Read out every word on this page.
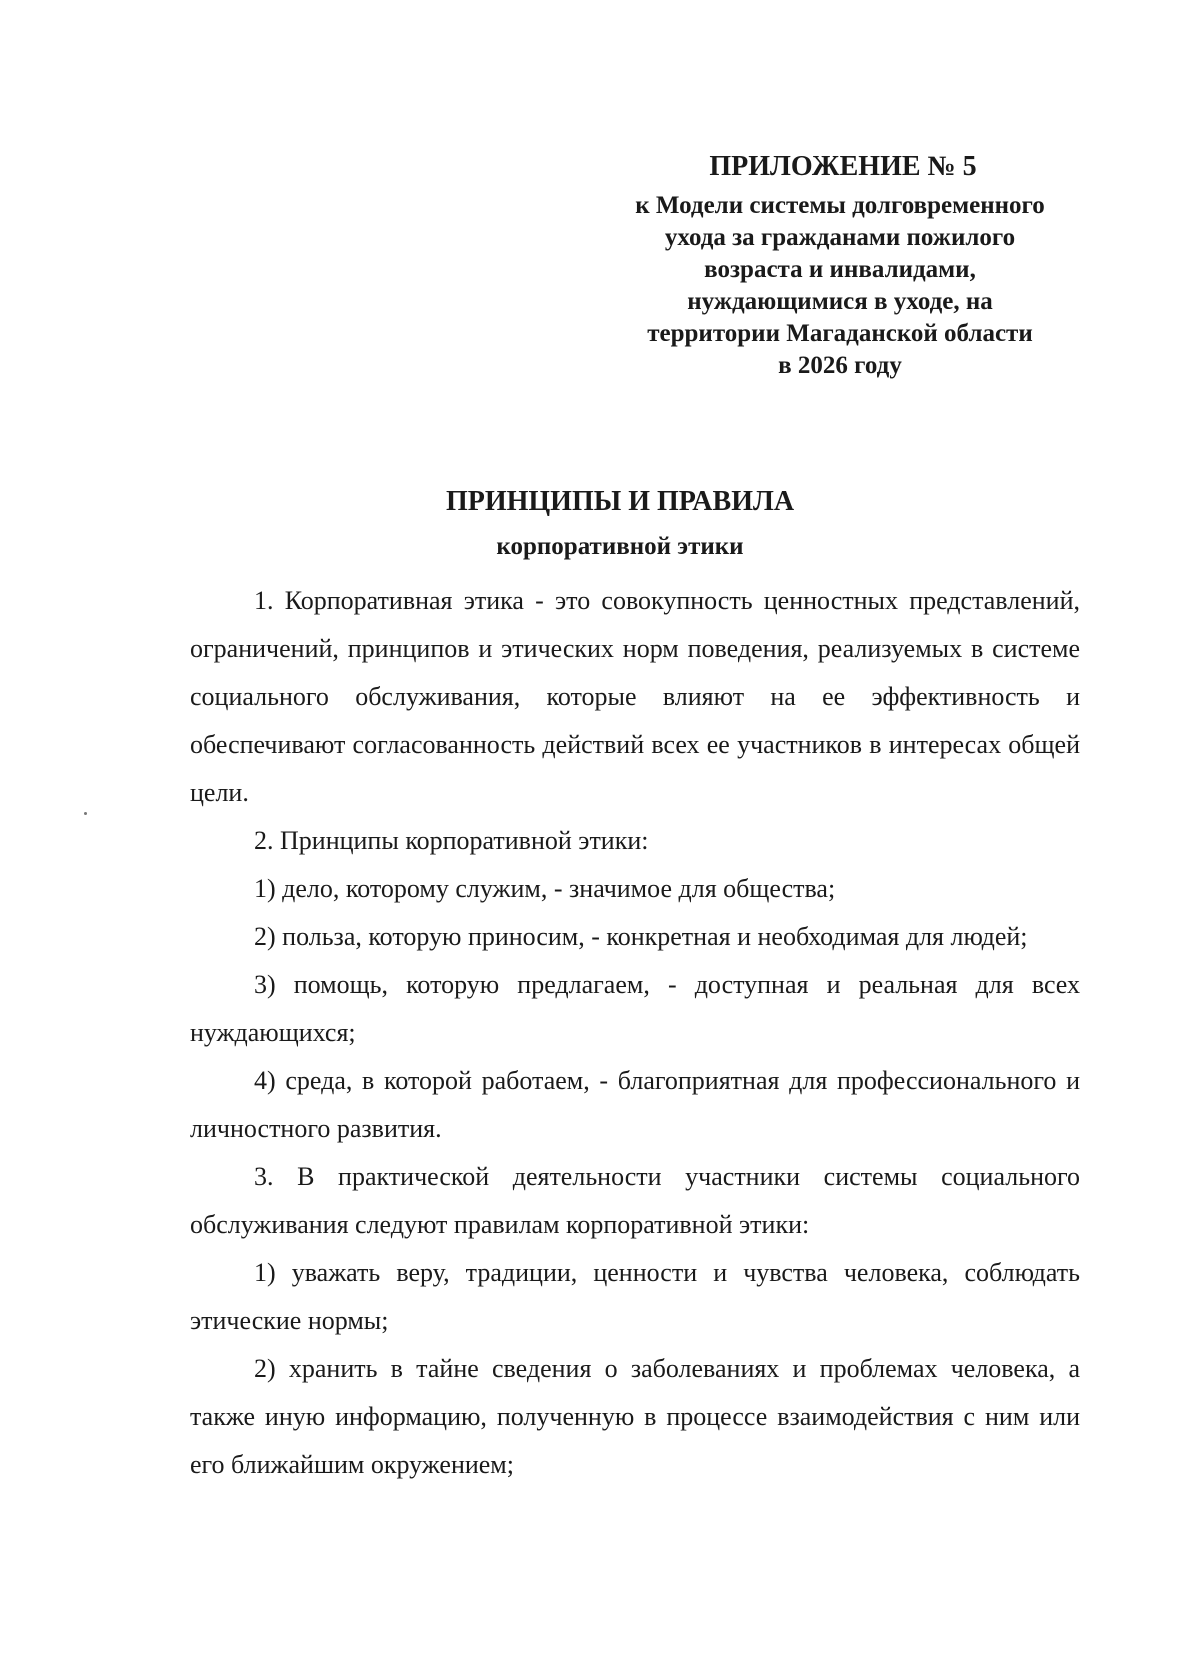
ПРИЛОЖЕНИЕ № 5
к Модели системы долговременного
ухода за гражданами пожилого
возраста и инвалидами,
нуждающимися в уходе, на
территории Магаданской области
в 2026 году
ПРИНЦИПЫ И ПРАВИЛА
корпоративной этики

1. Корпоративная этика - это совокупность ценностных представлений, ограничений, принципов и этических норм поведения, реализуемых в системе социального обслуживания, которые влияют на ее эффективность и обеспечивают согласованность действий всех ее участников в интересах общей цели.

2. Принципы корпоративной этики:

1) дело, которому служим, - значимое для общества;

2) польза, которую приносим, - конкретная и необходимая для людей;

3) помощь, которую предлагаем, - доступная и реальная для всех нуждающихся;

4) среда, в которой работаем, - благоприятная для профессионального и личностного развития.

3. В практической деятельности участники системы социального обслуживания следуют правилам корпоративной этики:

1) уважать веру, традиции, ценности и чувства человека, соблюдать этические нормы;

2) хранить в тайне сведения о заболеваниях и проблемах человека, а также иную информацию, полученную в процессе взаимодействия с ним или его ближайшим окружением;
